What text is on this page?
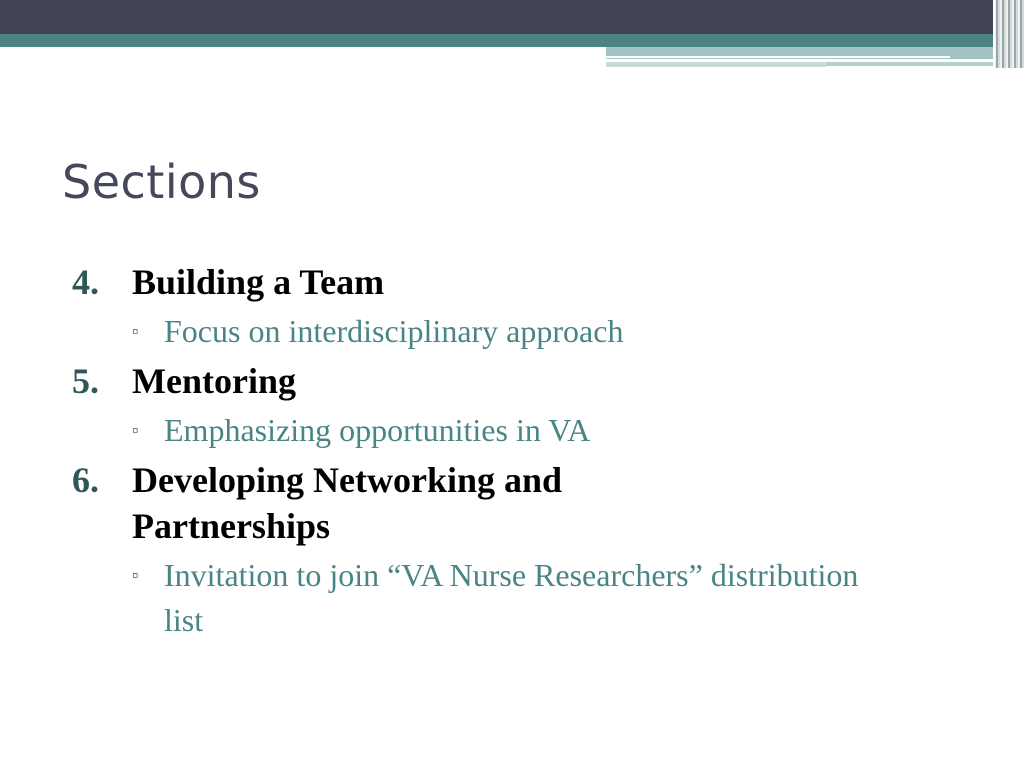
Sections
4. Building a Team
▫ Focus on interdisciplinary approach
5. Mentoring
▫ Emphasizing opportunities in VA
6. Developing Networking and Partnerships
▫ Invitation to join “VA Nurse Researchers” distribution list
